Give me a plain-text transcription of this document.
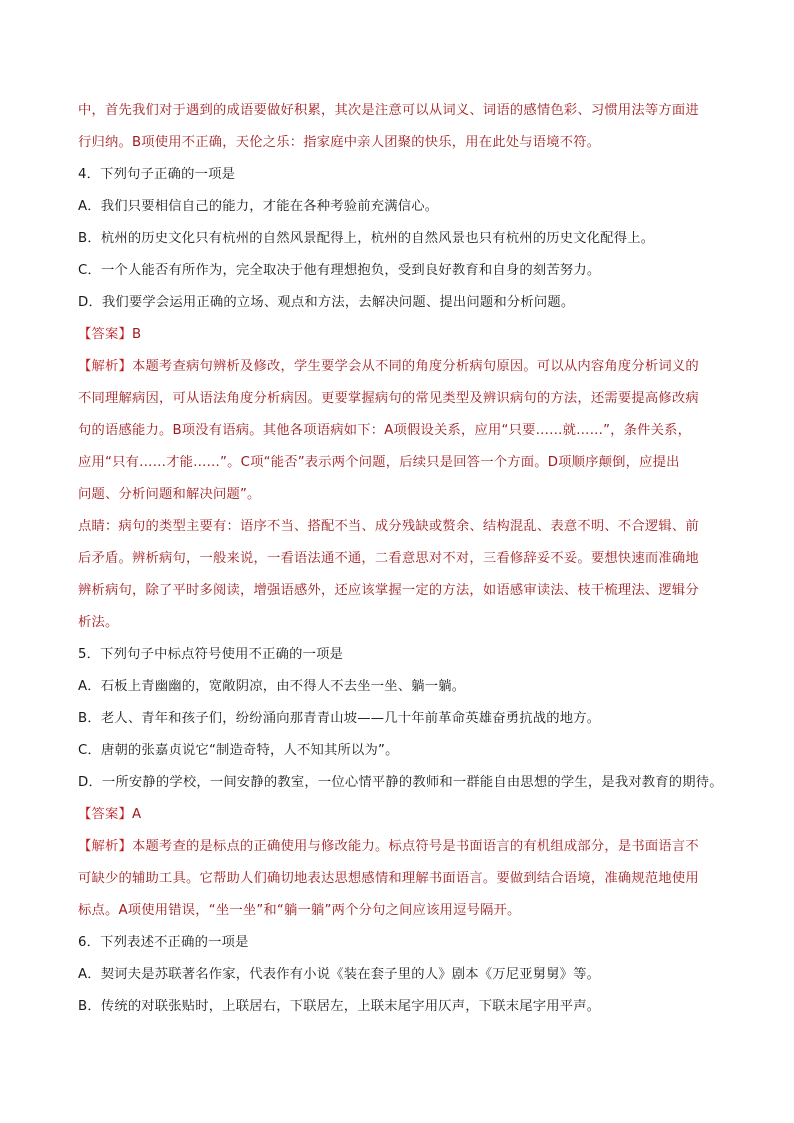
中，首先我们对于遇到的成语要做好积累，其次是注意可以从词义、词语的感情色彩、习惯用法等方面进
行归纳。B项使用不正确，天伦之乐：指家庭中亲人团聚的快乐，用在此处与语境不符。
4．下列句子正确的一项是
A．我们只要相信自己的能力，才能在各种考验前充满信心。
B．杭州的历史文化只有杭州的自然风景配得上，杭州的自然风景也只有杭州的历史文化配得上。
C．一个人能否有所作为，完全取决于他有理想抱负，受到良好教育和自身的刻苦努力。
D．我们要学会运用正确的立场、观点和方法，去解决问题、提出问题和分析问题。
【答案】B
【解析】本题考查病句辨析及修改，学生要学会从不同的角度分析病句原因。可以从内容角度分析词义的
不同理解病因，可从语法角度分析病因。更要掌握病句的常见类型及辨识病句的方法，还需要提高修改病
句的语感能力。B项没有语病。其他各项语病如下：A项假设关系，应用“只要……就……”，条件关系，
应用“只有……才能……”。C项“能否”表示两个问题，后续只是回答一个方面。D项顺序颠倒，应提出
问题、分析问题和解决问题”。
点睛：病句的类型主要有：语序不当、搭配不当、成分残缺或赘余、结构混乱、表意不明、不合逻辑、前
后矛盾。辨析病句，一般来说，一看语法通不通，二看意思对不对，三看修辞妥不妥。要想快速而准确地
辨析病句，除了平时多阅读，增强语感外，还应该掌握一定的方法，如语感审读法、枝干梳理法、逻辑分
析法。
5．下列句子中标点符号使用不正确的一项是
A．石板上青幽幽的，宽敞阴凉，由不得人不去坐一坐、躺一躺。
B．老人、青年和孩子们，纷纷涌向那青青山坡——几十年前革命英雄奋勇抗战的地方。
C．唐朝的张嘉贞说它“制造奇特，人不知其所以为”。
D．一所安静的学校，一间安静的教室，一位心情平静的教师和一群能自由思想的学生，是我对教育的期待。
【答案】A
【解析】本题考查的是标点的正确使用与修改能力。标点符号是书面语言的有机组成部分，是书面语言不
可缺少的辅助工具。它帮助人们确切地表达思想感情和理解书面语言。要做到结合语境，准确规范地使用
标点。A项使用错误，“坐一坐”和“躺一躺”两个分句之间应该用逗号隔开。
6．下列表述不正确的一项是
A．契诃夫是苏联著名作家，代表作有小说《装在套子里的人》剧本《万尼亚舅舅》等。
B．传统的对联张贴时，上联居右，下联居左，上联末尾字用仄声，下联末尾字用平声。
